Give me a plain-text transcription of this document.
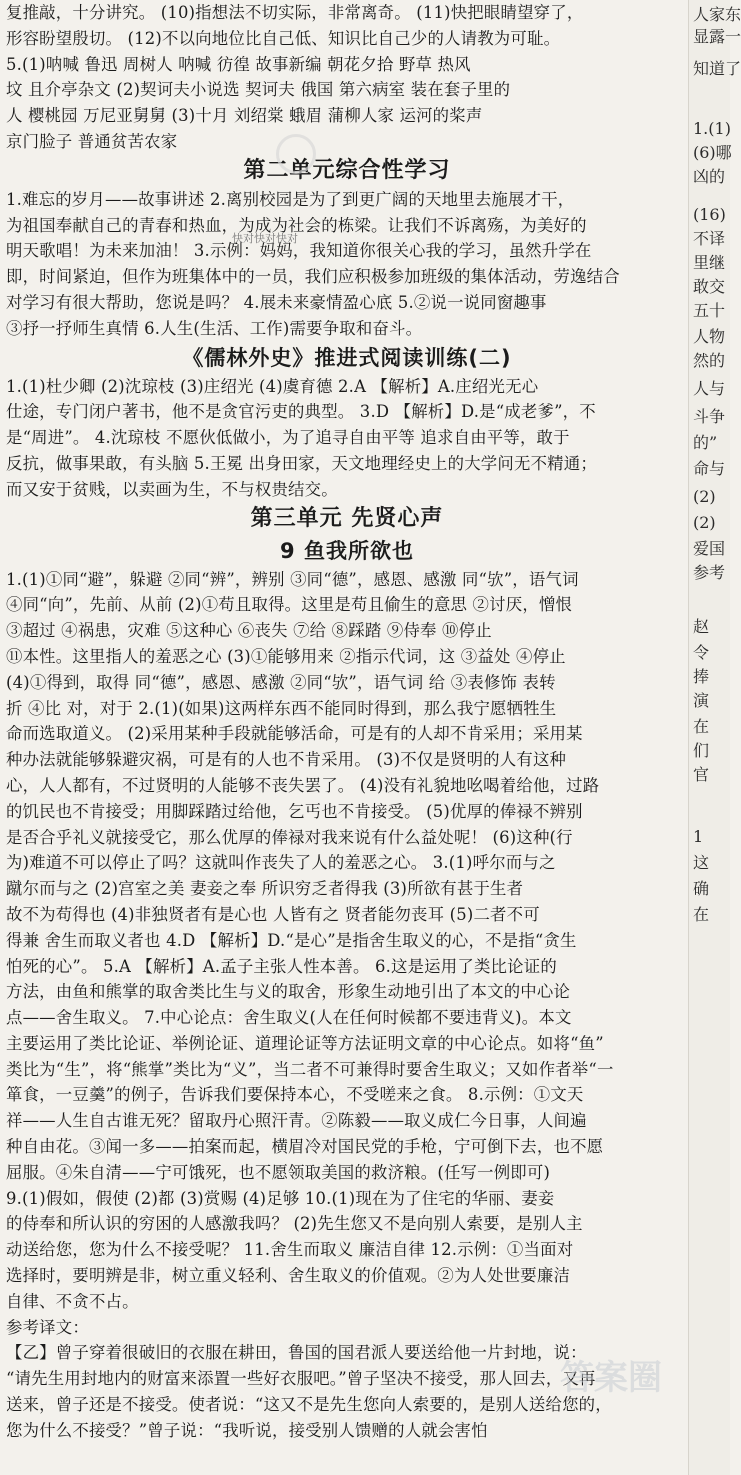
复推敲，十分讲究。 (10)指想法不切实际，非常离奇。 (11)快把眼睛望穿了，
形容盼望殷切。 (12)不以向地位比自己低、知识比自己少的人请教为可耻。
5.(1)呐喊 鲁迅 周树人 呐喊 彷徨 故事新编 朝花夕拾 野草 热风
坟 且介亭杂文 (2)契诃夫小说选 契诃夫 俄国 第六病室 装在套子里的
人 樱桃园 万尼亚舅舅 (3)十月 刘绍棠 蛾眉 蒲柳人家 运河的桨声
京门脸子 普通贫苦农家
第二单元综合性学习
1.难忘的岁月——故事讲述 2.离别校园是为了到更广阔的天地里去施展才干，
为祖国奉献自己的青春和热血，为成为社会的栋梁。让我们不诉离殇，为美好的
明天歌唱！为未来加油！ 3.示例：妈妈，我知道你很关心我的学习，虽然升学在
即，时间紧迫，但作为班集体中的一员，我们应积极参加班级的集体活动，劳逸结合
对学习有很大帮助，您说是吗？ 4.展未来豪情盈心底 5.②说一说同窗趣事
③抒一抒师生真情 6.人生(生活、工作)需要争取和奋斗。
《儒林外史》推进式阅读训练(二)
1.(1)杜少卿 (2)沈琼枝 (3)庄绍光 (4)虞育德 2.A 【解析】A.庄绍光无心
仕途，专门闭户著书，他不是贪官污吏的典型。 3.D 【解析】D.是“成老爹”，不
是“周进”。 4.沈琼枝 不愿伙低做小，为了追寻自由平等 追求自由平等，敢于
反抗，做事果敢，有头脑 5.王冕 出身田家，天文地理经史上的大学问无不精通；
而又安于贫贱，以卖画为生，不与权贵结交。
第三单元 先贤心声
9 鱼我所欲也
1.(1)①同“避”，躲避 ②同“辨”，辨别 ③同“德”，感恩、感激 同“欤”，语气词
④同“向”，先前、从前 (2)①苟且取得。这里是苟且偷生的意思 ②讨厌，憎恨
③超过 ④祸患，灾难 ⑤这种心 ⑥丧失 ⑦给 ⑧踩踏 ⑨侍奉 ⑩停止
⑪本性。这里指人的羞恶之心 (3)①能够用来 ②指示代词，这 ③益处 ④停止
(4)①得到，取得 同“德”，感恩、感激 ②同“欤”，语气词 给 ③表修饰 表转
折 ④比 对，对于 2.(1)(如果)这两样东西不能同时得到，那么我宁愿牺牲生
命而选取道义。 (2)采用某种手段就能够活命，可是有的人却不肯采用；采用某
种办法就能够躲避灾祸，可是有的人也不肯采用。 (3)不仅是贤明的人有这种
心，人人都有，不过贤明的人能够不丧失罢了。 (4)没有礼貌地吆喝着给他，过路
的饥民也不肯接受；用脚踩踏过给他，乞丐也不肯接受。 (5)优厚的俸禄不辨别
是否合乎礼义就接受它，那么优厚的俸禄对我来说有什么益处呢！ (6)这种(行
为)难道不可以停止了吗？这就叫作丧失了人的羞恶之心。 3.(1)呼尔而与之
蹴尔而与之 (2)宫室之美 妻妾之奉 所识穷乏者得我 (3)所欲有甚于生者
故不为苟得也 (4)非独贤者有是心也 人皆有之 贤者能勿丧耳 (5)二者不可
得兼 舍生而取义者也 4.D 【解析】D.“是心”是指舍生取义的心，不是指“贪生
怕死的心”。 5.A 【解析】A.孟子主张人性本善。 6.这是运用了类比论证的
方法，由鱼和熊掌的取舍类比生与义的取舍，形象生动地引出了本文的中心论
点——舍生取义。 7.中心论点：舍生取义(人在任何时候都不要违背义)。本文
主要运用了类比论证、举例论证、道理论证等方法证明文章的中心论点。如将“鱼”
类比为“生”，将“熊掌”类比为“义”，当二者不可兼得时要舍生取义；又如作者举“一
箪食，一豆羹”的例子，告诉我们要保持本心，不受嗟来之食。 8.示例：①文天
祥——人生自古谁无死？留取丹心照汗青。②陈毅——取义成仁今日事，人间遍
种自由花。③闻一多——拍案而起，横眉冷对国民党的手枪，宁可倒下去，也不愿
屈服。④朱自清——宁可饿死，也不愿领取美国的救济粮。(任写一例即可)
9.(1)假如，假使 (2)都 (3)赏赐 (4)足够 10.(1)现在为了住宅的华丽、妻妾
的侍奉和所认识的穷困的人感激我吗？ (2)先生您又不是向别人索要，是别人主
动送给您，您为什么不接受呢？ 11.舍生而取义 廉洁自律 12.示例：①当面对
选择时，要明辨是非，树立重义轻利、舍生取义的价值观。②为人处世要廉洁
自律、不贪不占。
参考译文：
【乙】曾子穿着很破旧的衣服在耕田，鲁国的国君派人要送给他一片封地，说：
“请先生用封地内的财富来添置一些好衣服吧。”曾子坚决不接受，那人回去，又再
送来，曾子还是不接受。使者说：“这又不是先生您向人索要的，是别人送给您的，
您为什么不接受？”曾子说：“我听说，接受别人馈赠的人就会害怕
快对快对快对
人家东
显露一
知道了
1.(1)
(6)哪
凶的
(16)
不译
里继
敢交
五十
人物
然的
人与
斗争
的”
命与
(2)
(2)
爱国
参考
赵
令
捧
演
在
们
官
1
这
确
在
答案圈
